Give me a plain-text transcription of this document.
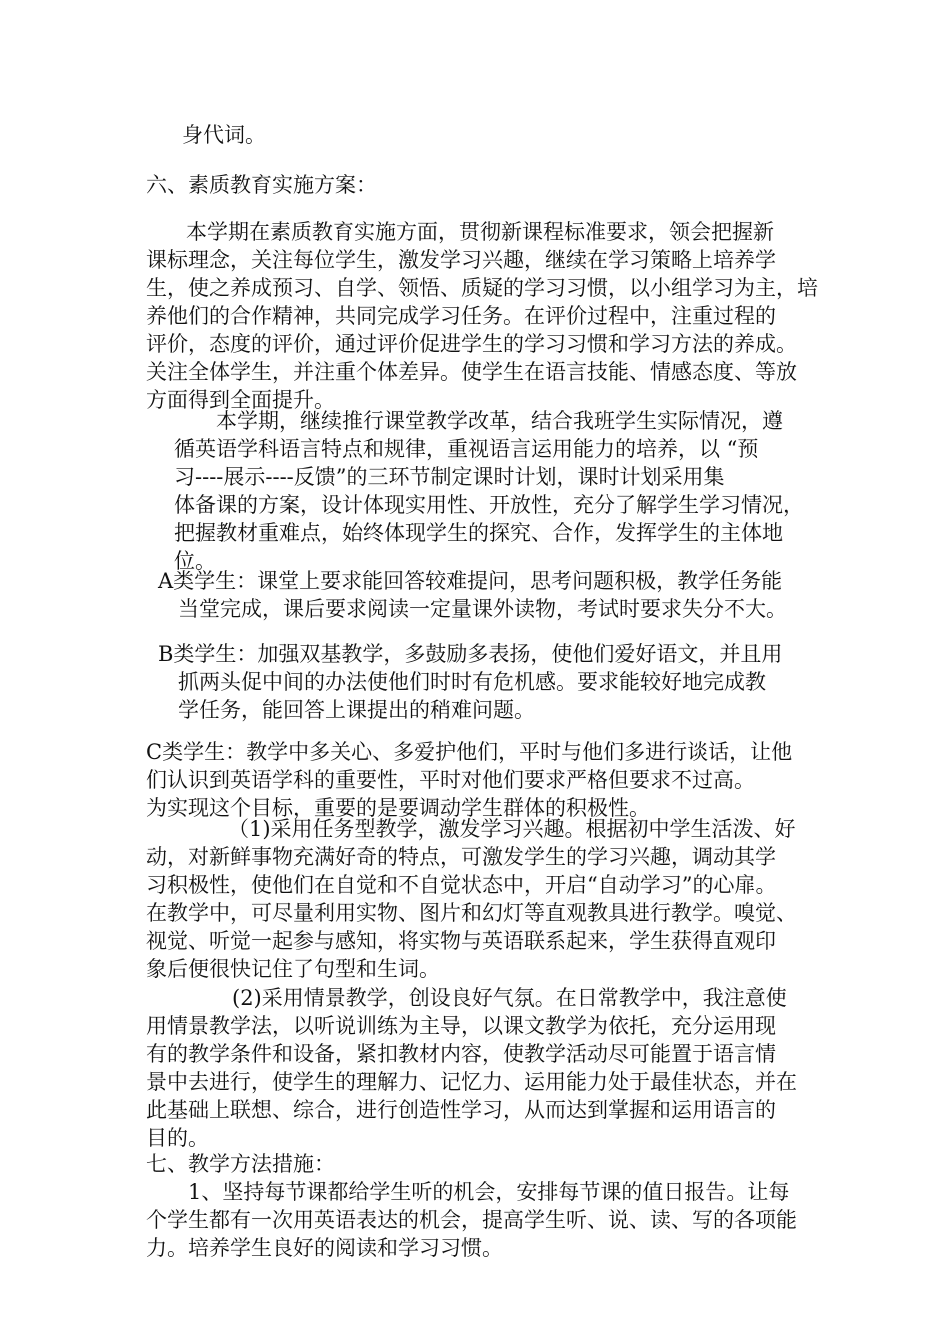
身代词。
六、素质教育实施方案：
本学期在素质教育实施方面，贯彻新课程标准要求，领会把握新
课标理念，关注每位学生，激发学习兴趣，继续在学习策略上培养学
生，使之养成预习、自学、领悟、质疑的学习习惯，以小组学习为主，培
养他们的合作精神，共同完成学习任务。在评价过程中，注重过程的
评价，态度的评价，通过评价促进学生的学习习惯和学习方法的养成。
关注全体学生，并注重个体差异。使学生在语言技能、情感态度、等放
方面得到全面提升。
本学期，继续推行课堂教学改革，结合我班学生实际情况，遵
循英语学科语言特点和规律，重视语言运用能力的培养，以 “预
习----展示----反馈”的三环节制定课时计划，课时计划采用集
体备课的方案，设计体现实用性、开放性，充分了解学生学习情况，
把握教材重难点，始终体现学生的探究、合作，发挥学生的主体地
位。
A类学生：课堂上要求能回答较难提问，思考问题积极，教学任务能
当堂完成，课后要求阅读一定量课外读物，考试时要求失分不大。
B类学生：加强双基教学，多鼓励多表扬，使他们爱好语文，并且用
抓两头促中间的办法使他们时时有危机感。要求能较好地完成教
学任务，能回答上课提出的稍难问题。
C类学生：教学中多关心、多爱护他们，平时与他们多进行谈话，让他
们认识到英语学科的重要性，平时对他们要求严格但要求不过高。
为实现这个目标，重要的是要调动学生群体的积极性。
（1)采用任务型教学，激发学习兴趣。根据初中学生活泼、好
动，对新鲜事物充满好奇的特点，可激发学生的学习兴趣，调动其学
习积极性，使他们在自觉和不自觉状态中，开启“自动学习”的心扉。
在教学中，可尽量利用实物、图片和幻灯等直观教具进行教学。嗅觉、
视觉、听觉一起参与感知，将实物与英语联系起来，学生获得直观印
象后便很快记住了句型和生词。
(2)采用情景教学，创设良好气氛。在日常教学中，我注意使
用情景教学法，以听说训练为主导，以课文教学为依托，充分运用现
有的教学条件和设备，紧扣教材内容，使教学活动尽可能置于语言情
景中去进行，使学生的理解力、记忆力、运用能力处于最佳状态，并在
此基础上联想、综合，进行创造性学习，从而达到掌握和运用语言的
目的。
七、教学方法措施：
1、坚持每节课都给学生听的机会，安排每节课的值日报告。让每
个学生都有一次用英语表达的机会，提高学生听、说、读、写的各项能
力。培养学生良好的阅读和学习习惯。
